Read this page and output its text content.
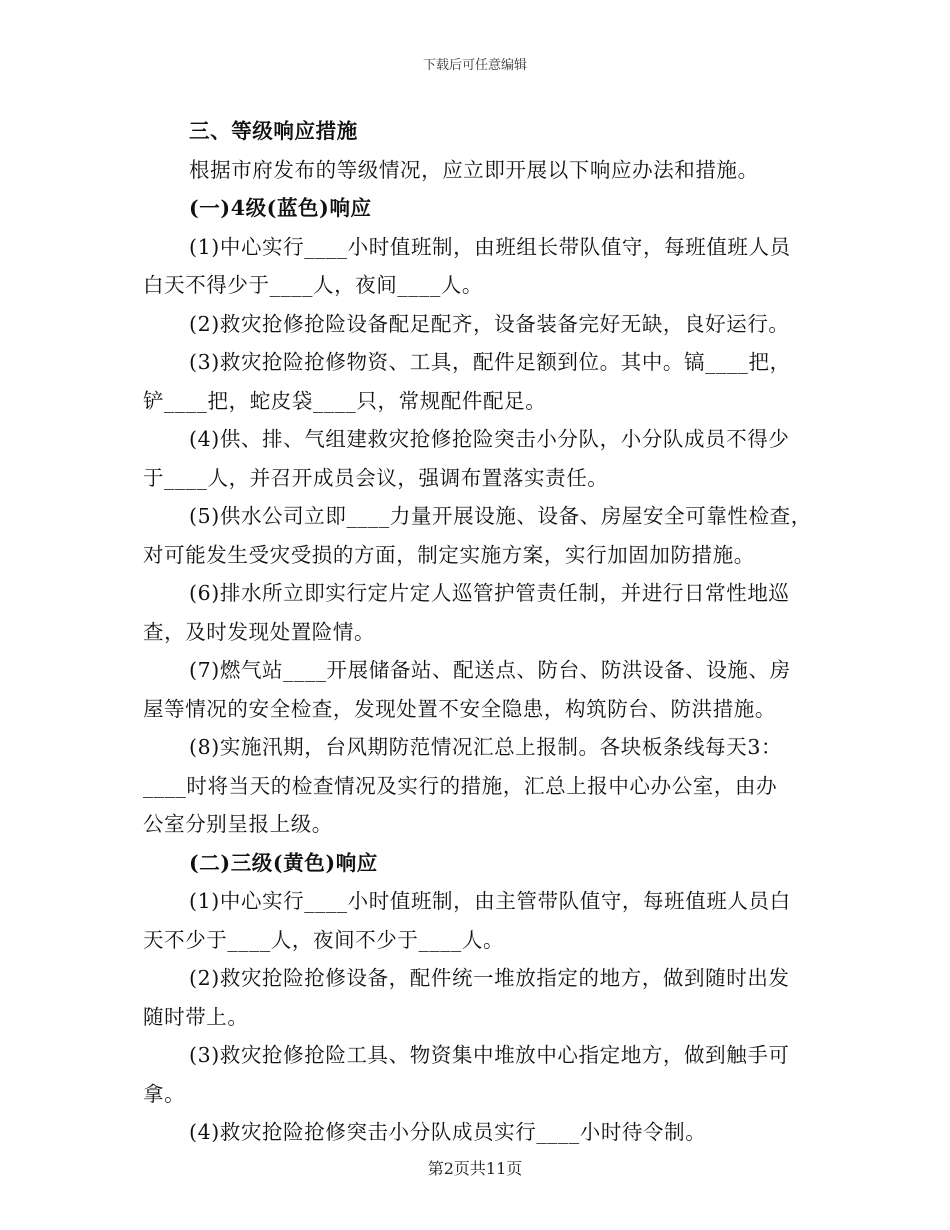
下载后可任意编辑
三、等级响应措施
根据市府发布的等级情况，应立即开展以下响应办法和措施。
(一)4级(蓝色)响应
(1)中心实行____小时值班制，由班组长带队值守，每班值班人员
白天不得少于____人，夜间____人。
(2)救灾抢修抢险设备配足配齐，设备装备完好无缺，良好运行。
(3)救灾抢险抢修物资、工具，配件足额到位。其中。镐____把，
铲____把，蛇皮袋____只，常规配件配足。
(4)供、排、气组建救灾抢修抢险突击小分队，小分队成员不得少
于____人，并召开成员会议，强调布置落实责任。
(5)供水公司立即____力量开展设施、设备、房屋安全可靠性检查，
对可能发生受灾受损的方面，制定实施方案，实行加固加防措施。
(6)排水所立即实行定片定人巡管护管责任制，并进行日常性地巡
查，及时发现处置险情。
(7)燃气站____开展储备站、配送点、防台、防洪设备、设施、房
屋等情况的安全检查，发现处置不安全隐患，构筑防台、防洪措施。
(8)实施汛期，台风期防范情况汇总上报制。各块板条线每天3：
____时将当天的检查情况及实行的措施，汇总上报中心办公室，由办
公室分别呈报上级。
(二)三级(黄色)响应
(1)中心实行____小时值班制，由主管带队值守，每班值班人员白
天不少于____人，夜间不少于____人。
(2)救灾抢险抢修设备，配件统一堆放指定的地方，做到随时出发
随时带上。
(3)救灾抢修抢险工具、物资集中堆放中心指定地方，做到触手可
拿。
(4)救灾抢险抢修突击小分队成员实行____小时待令制。
第2页共11页
